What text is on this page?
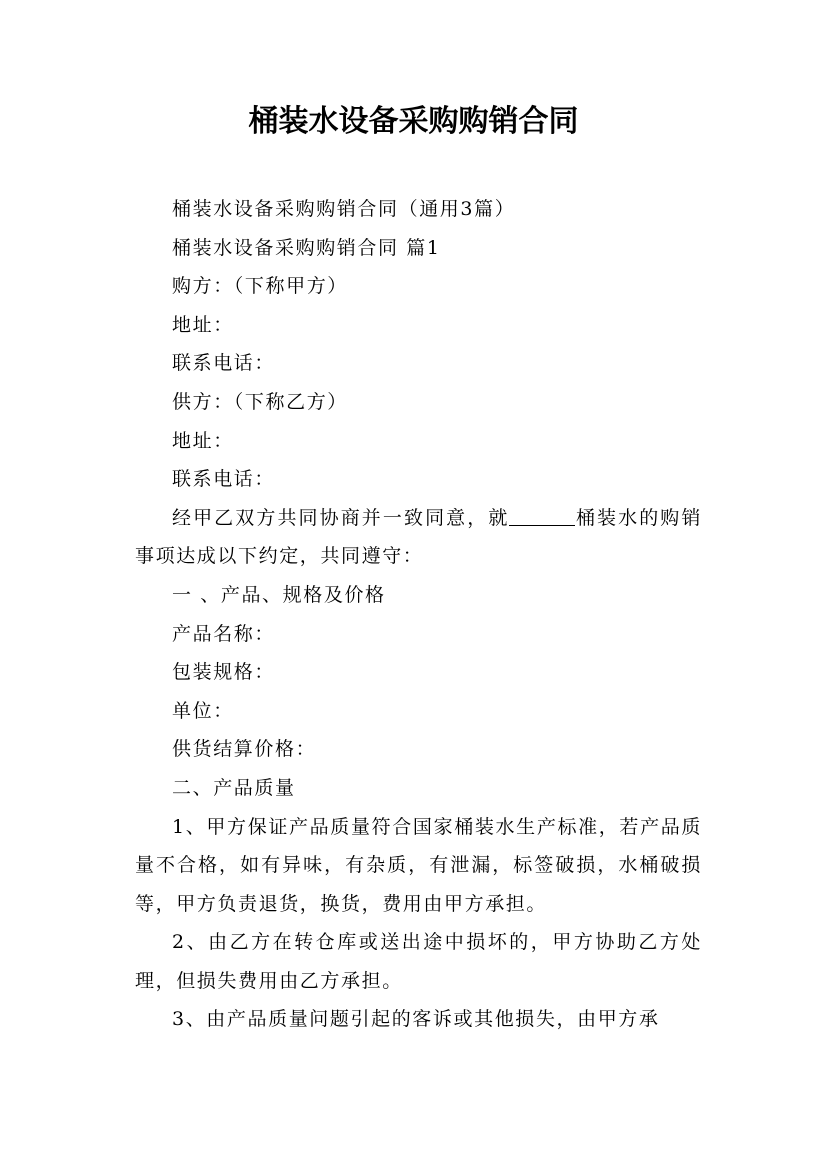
桶装水设备采购购销合同

桶装水设备采购购销合同（通用3篇）

桶装水设备采购购销合同 篇1

购方：（下称甲方）

地址：

联系电话：

供方：（下称乙方）

地址：

联系电话：

经甲乙双方共同协商并一致同意，就	桶装水的购销事项达成以下约定，共同遵守：

一 、产品、规格及价格

产品名称：

包装规格：

单位：

供货结算价格：

二、产品质量

1、甲方保证产品质量符合国家桶装水生产标准，若产品质量不合格，如有异味，有杂质，有泄漏，标签破损，水桶破损等，甲方负责退货，换货，费用由甲方承担。

2、由乙方在转仓库或送出途中损坏的，甲方协助乙方处理，但损失费用由乙方承担。

3、由产品质量问题引起的客诉或其他损失，由甲方承
